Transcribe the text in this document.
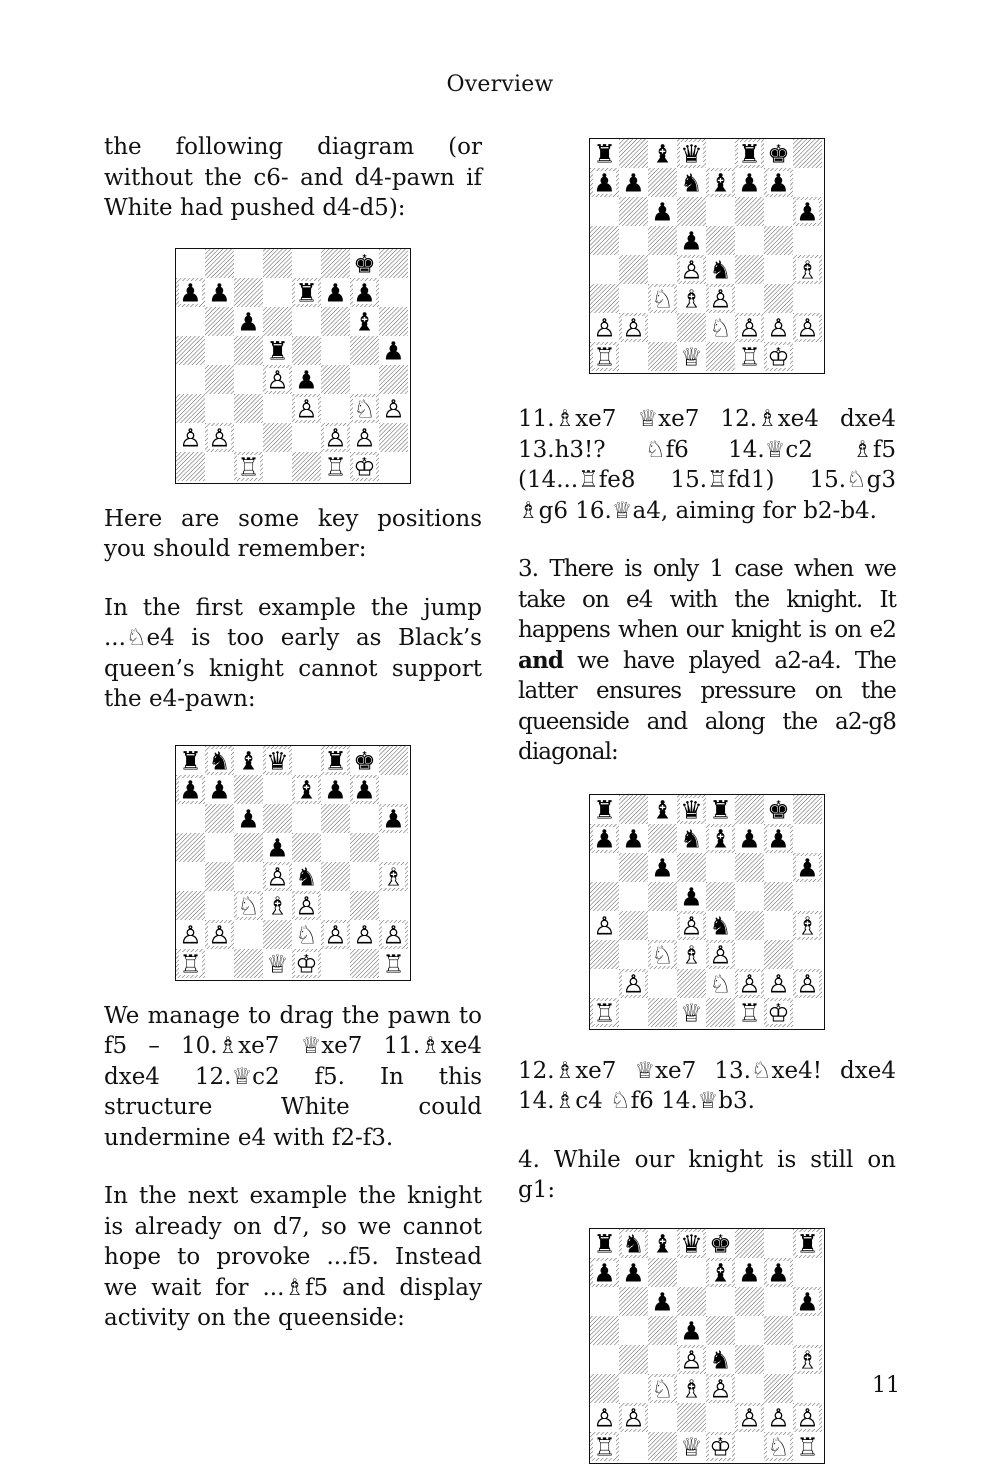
Overview

the following diagram (or without the c6- and d4-pawn if White had pushed d4-d5):

♚
♟ ♟	♜ ♟ ♟
♟	♝
♜	♟
♙ ♟
♙ ♘ ♙
♙ ♙	♙ ♙
♖	♖ ♔

Here are some key positions you should remember:

In the first example the jump ...♘e4 is too early as Black’s queen’s knight cannot support the e4-pawn:

♜ ♞ ♝ ♛ ♜ ♚
♟ ♟	♝ ♟ ♟
♟	♟
♟
♙ ♞	♗
♘ ♗ ♙
♙ ♙	♘ ♙ ♙ ♙
♖	♕ ♔	♖

We manage to drag the pawn to f5 – 10.♗xe7 ♕xe7 11.♗xe4 dxe4 12.♕c2 f5. In this structure White could undermine e4 with f2-f3.

In the next example the knight is already on d7, so we cannot hope to provoke ...f5. Instead we wait for ...♗f5 and display activity on the queenside:

♜ ♝ ♛ ♜ ♚
♟ ♟ ♞ ♝ ♟ ♟
♟	♟
♟
♙ ♞	♗
♘ ♗ ♙
♙ ♙	♘ ♙ ♙ ♙
♖	♕ ♖ ♔

11.♗xe7 ♕xe7 12.♗xe4 dxe4 13.h3!? ♘f6 14.♕c2 ♗f5 (14...♖fe8 15.♖fd1) 15.♘g3 ♗g6 16.♕a4, aiming for b2-b4.

3. There is only 1 case when we take on e4 with the knight. It happens when our knight is on e2 and we have played a2-a4. The latter ensures pressure on the queenside and along the a2-g8 diagonal:

♜ ♝ ♛ ♜ ♚
♟ ♟ ♞ ♝ ♟ ♟
♟	♟
♟
♙	♙ ♞	♗
♘ ♗ ♙
♙	♘ ♙ ♙ ♙
♖	♕ ♖ ♔

12.♗xe7 ♕xe7 13.♘xe4! dxe4 14.♗c4 ♘f6 14.♕b3.

4. While our knight is still on g1:

♜ ♞ ♝ ♛ ♚	♜
♟ ♟	♝ ♟ ♟
♟	♟
♟
♙ ♞	♗
♘ ♗ ♙
♙ ♙	♙ ♙ ♙
♖	♕ ♔ ♘ ♖
11
